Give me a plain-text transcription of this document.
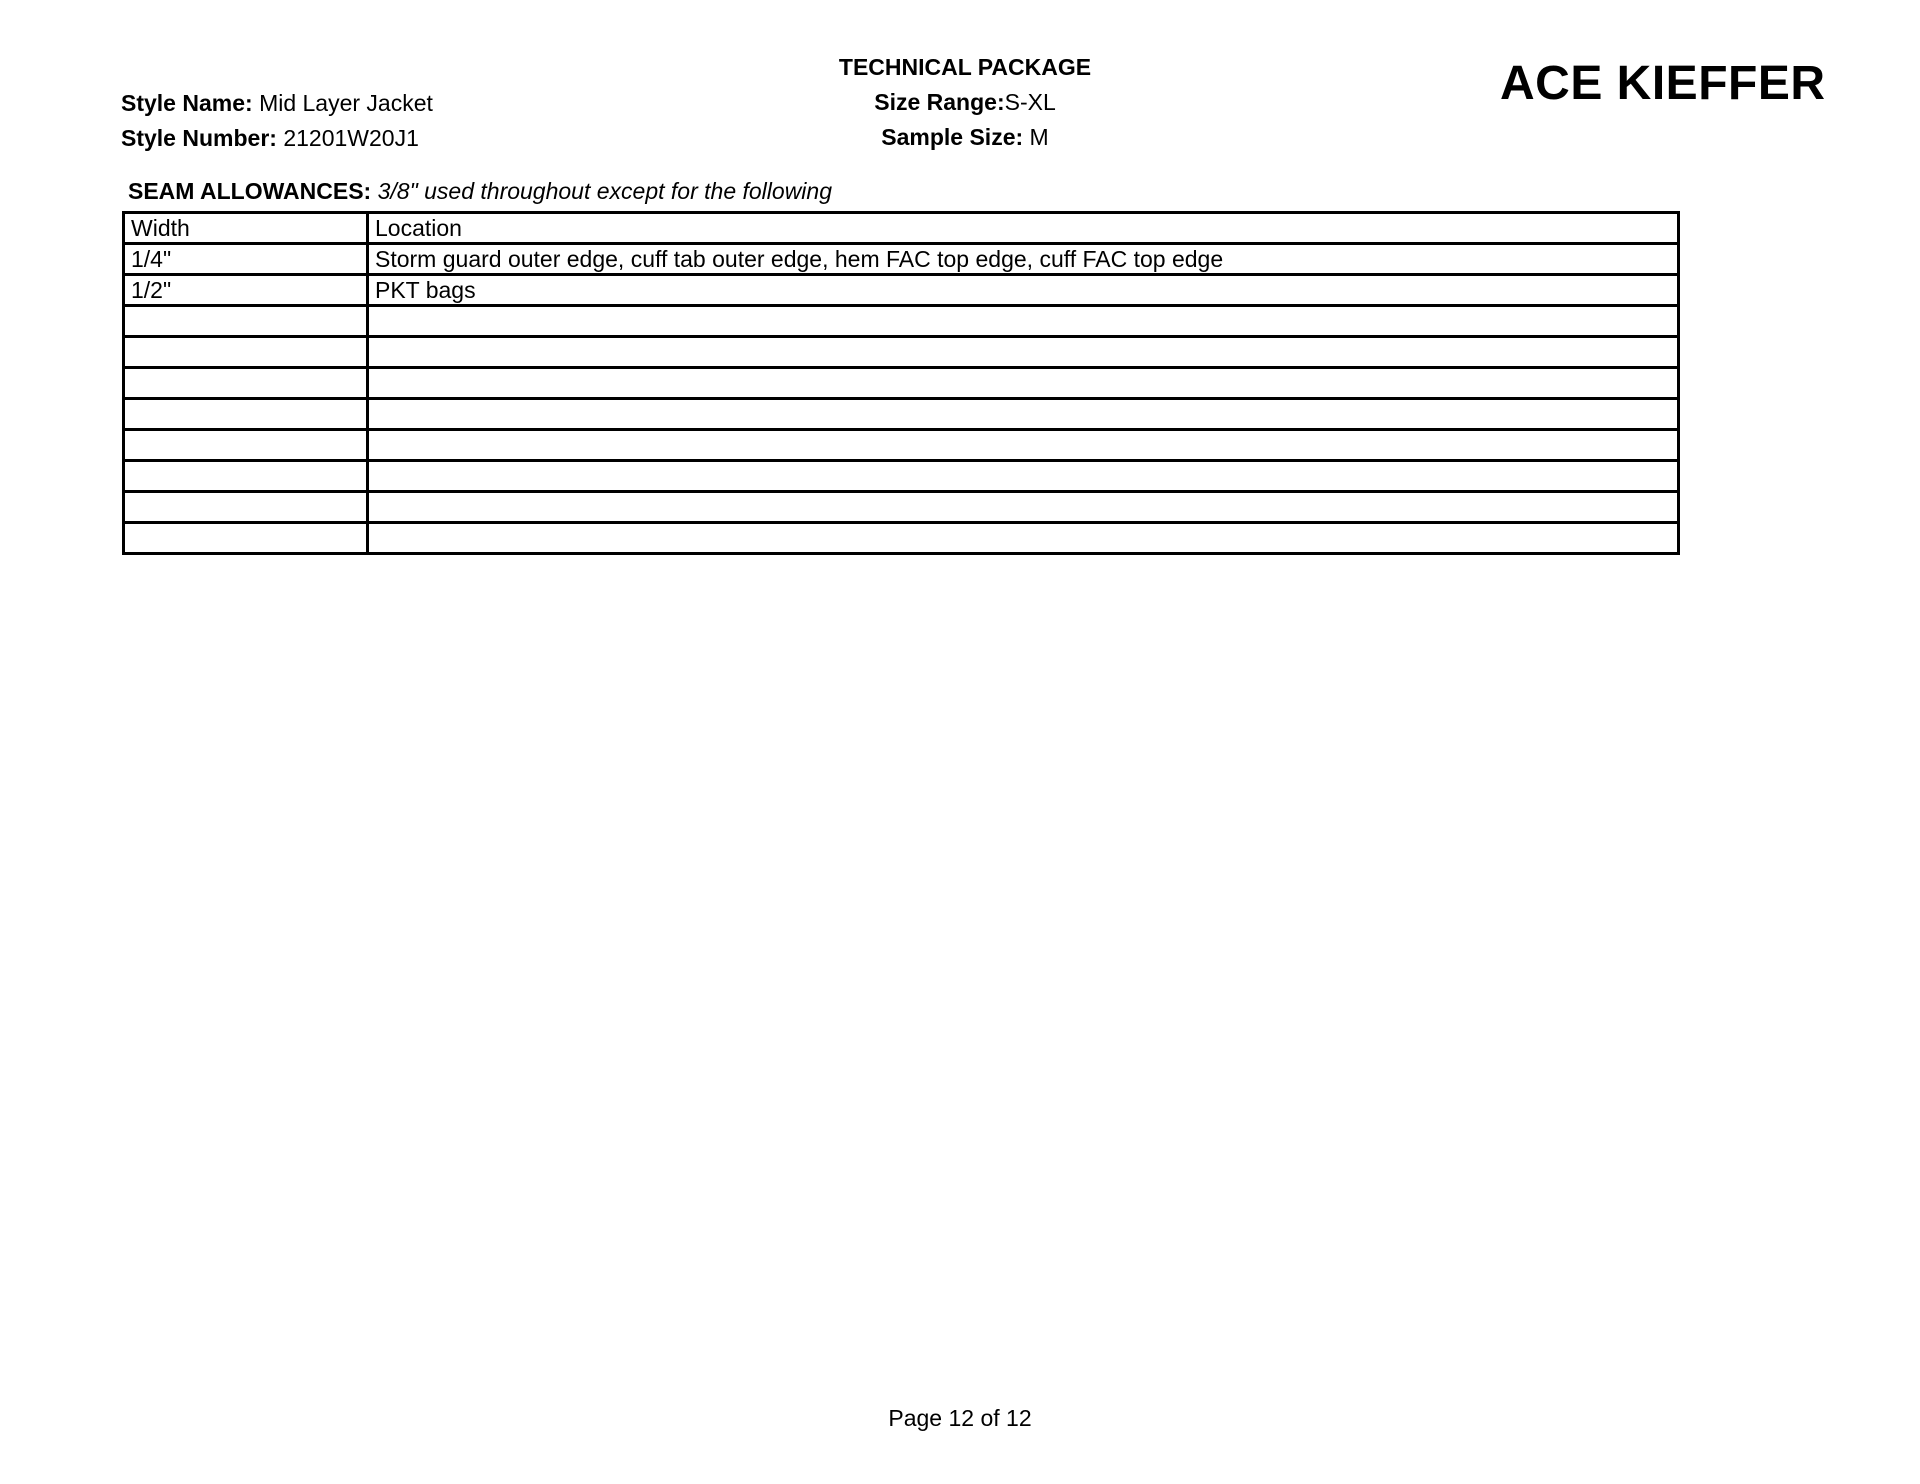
Style Name: Mid Layer Jacket
Style Number: 21201W20J1
TECHNICAL PACKAGE
Size Range:S-XL
Sample Size: M
ACE KIEFFER
SEAM ALLOWANCES: 3/8" used throughout except for the following
Width	Location
1/4"	Storm guard outer edge, cuff tab outer edge, hem FAC top edge, cuff FAC top edge
1/2"	PKT bags

Page 12 of 12
